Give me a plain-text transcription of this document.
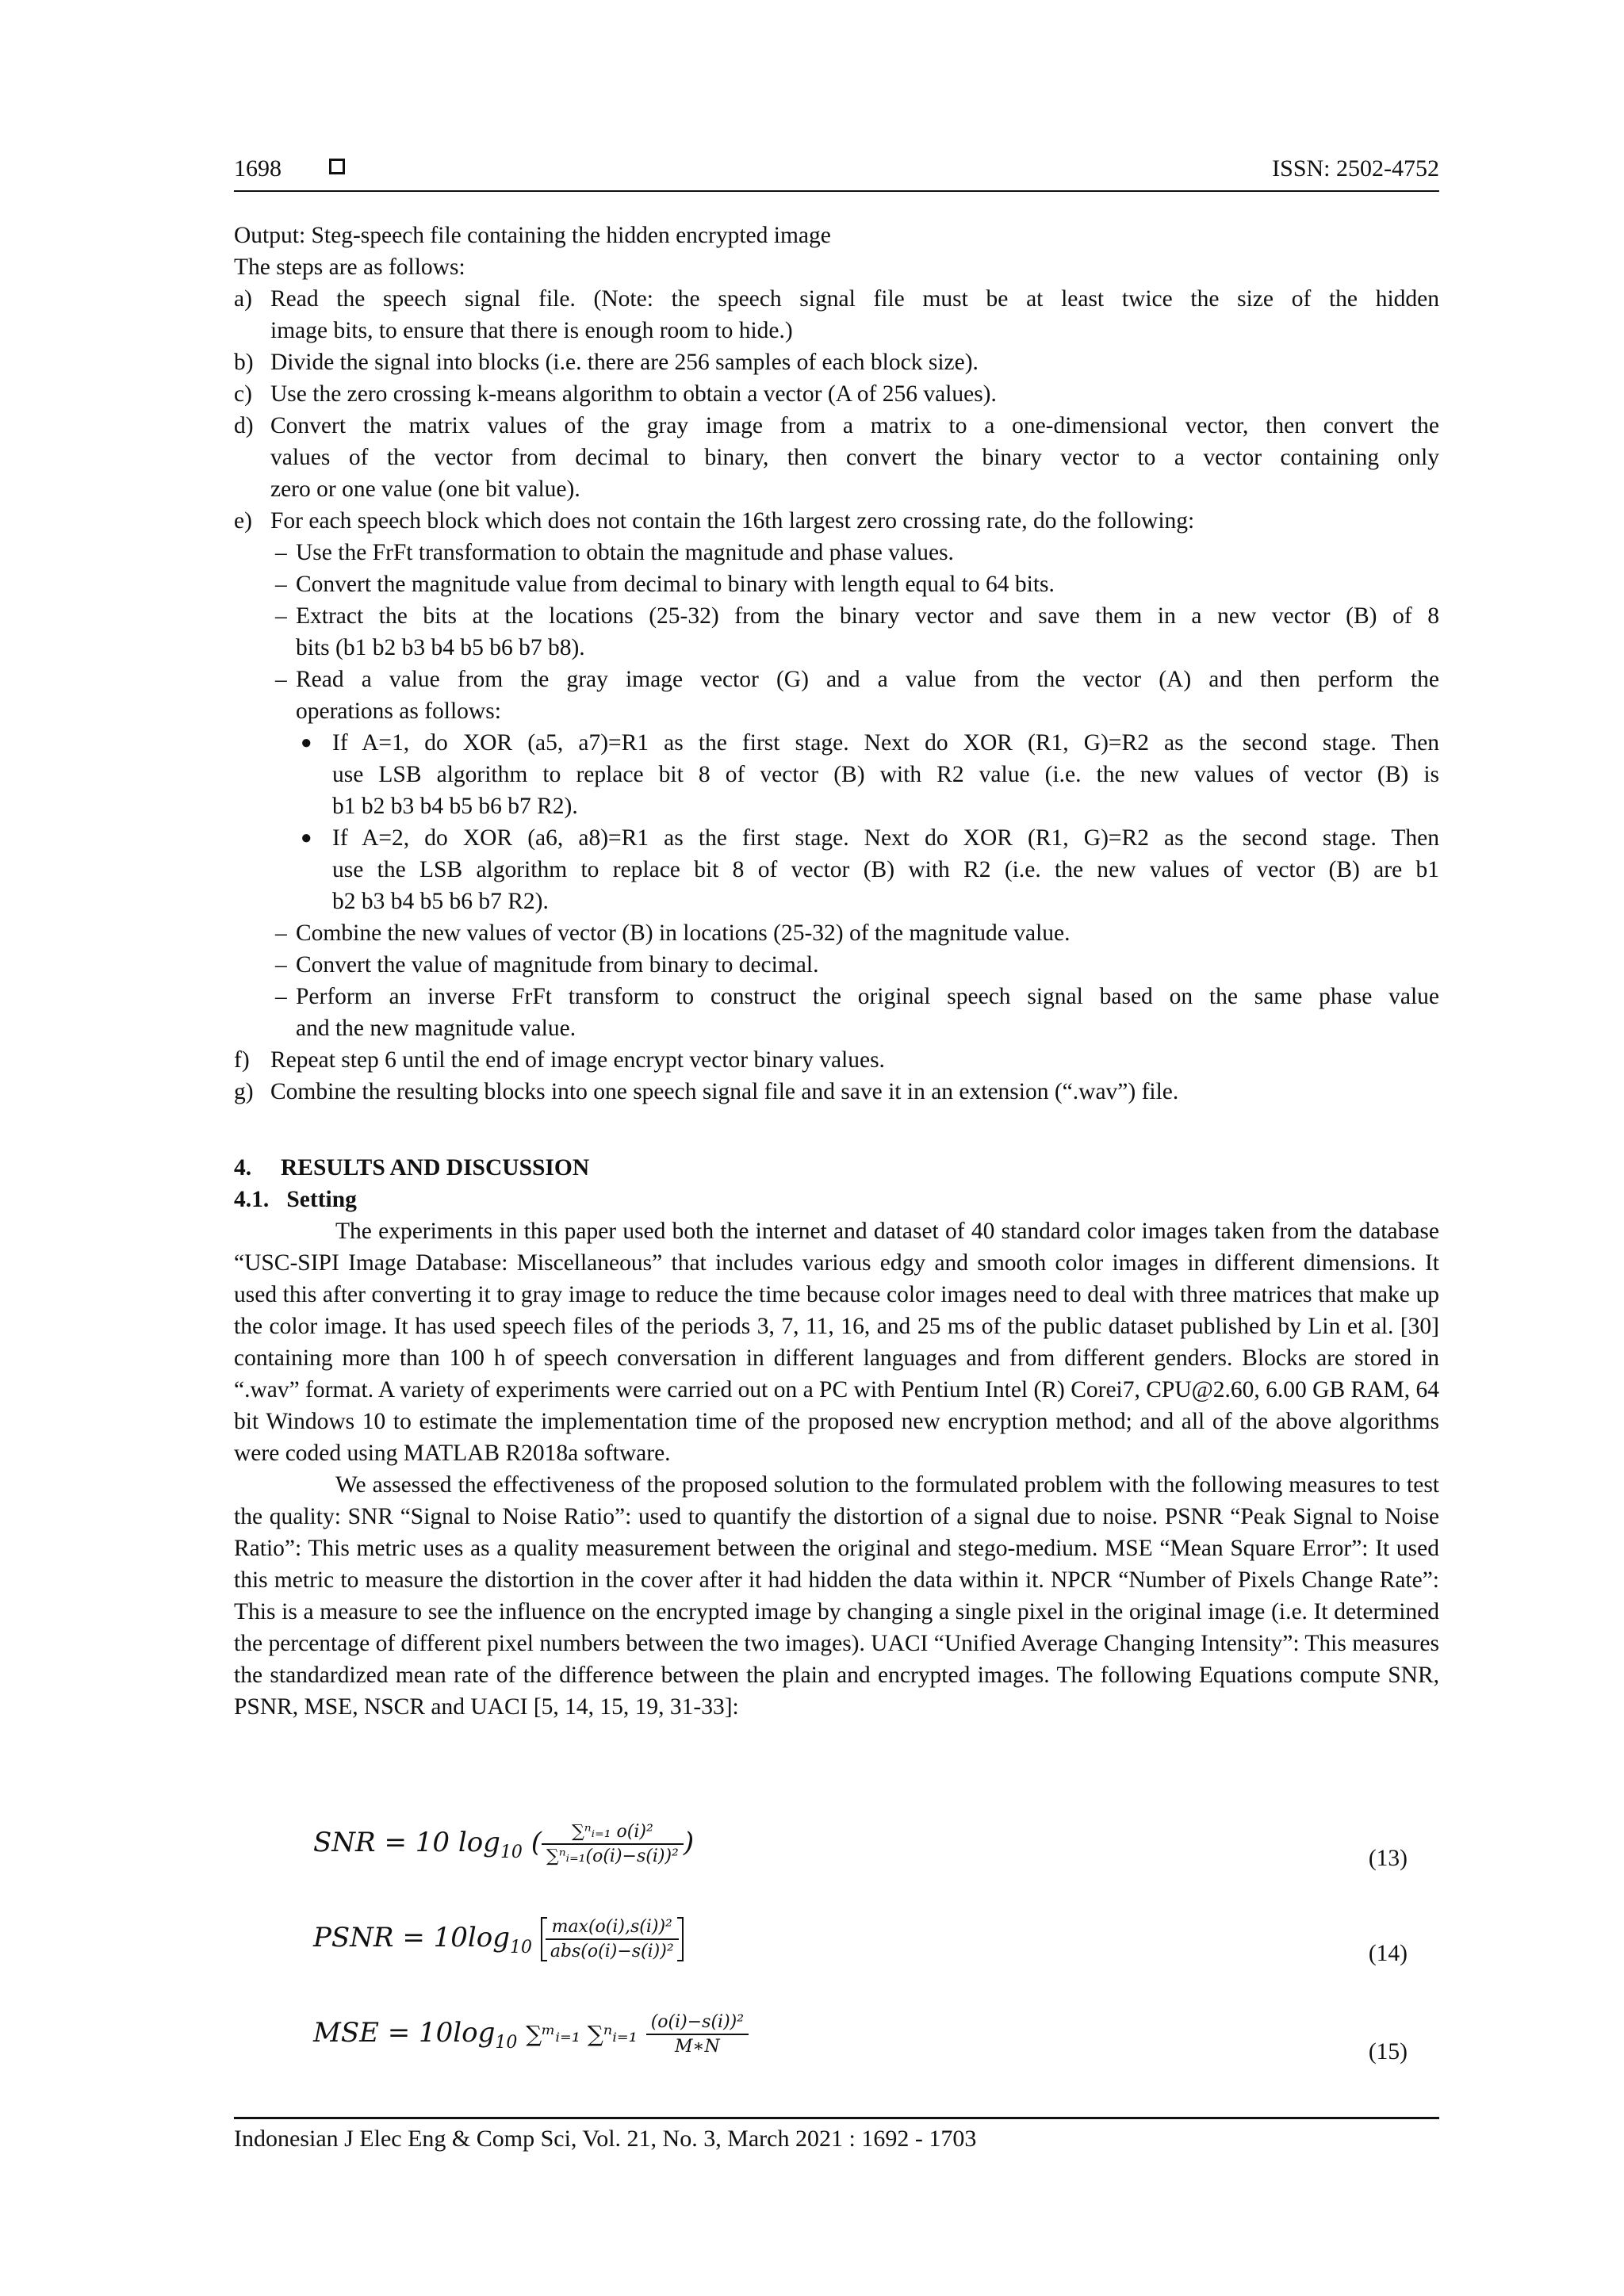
1698	ISSN: 2502-4752
Output: Steg-speech file containing the hidden encrypted image
The steps are as follows:
a) Read the speech signal file. (Note: the speech signal file must be at least twice the size of the hidden
image bits, to ensure that there is enough room to hide.)
b) Divide the signal into blocks (i.e. there are 256 samples of each block size).
c) Use the zero crossing k-means algorithm to obtain a vector (A of 256 values).
d) Convert the matrix values of the gray image from a matrix to a one-dimensional vector, then convert the
values of the vector from decimal to binary, then convert the binary vector to a vector containing only
zero or one value (one bit value).
e) For each speech block which does not contain the 16th largest zero crossing rate, do the following:
– Use the FrFt transformation to obtain the magnitude and phase values.
– Convert the magnitude value from decimal to binary with length equal to 64 bits.
– Extract the bits at the locations (25-32) from the binary vector and save them in a new vector (B) of 8
bits (b1 b2 b3 b4 b5 b6 b7 b8).
– Read a value from the gray image vector (G) and a value from the vector (A) and then perform the
operations as follows:
● If A=1, do XOR (a5, a7)=R1 as the first stage. Next do XOR (R1, G)=R2 as the second stage. Then
use LSB algorithm to replace bit 8 of vector (B) with R2 value (i.e. the new values of vector (B) is
b1 b2 b3 b4 b5 b6 b7 R2).
● If A=2, do XOR (a6, a8)=R1 as the first stage. Next do XOR (R1, G)=R2 as the second stage. Then
use the LSB algorithm to replace bit 8 of vector (B) with R2 (i.e. the new values of vector (B) are b1
b2 b3 b4 b5 b6 b7 R2).
– Combine the new values of vector (B) in locations (25-32) of the magnitude value.
– Convert the value of magnitude from binary to decimal.
– Perform an inverse FrFt transform to construct the original speech signal based on the same phase value
and the new magnitude value.
f) Repeat step 6 until the end of image encrypt vector binary values.
g) Combine the resulting blocks into one speech signal file and save it in an extension (“.wav”) file.
4.     RESULTS AND DISCUSSION
4.1.   Setting
The experiments in this paper used both the internet and dataset of 40 standard color images taken from the database “USC-SIPI Image Database: Miscellaneous” that includes various edgy and smooth color images in different dimensions. It used this after converting it to gray image to reduce the time because color images need to deal with three matrices that make up the color image. It has used speech files of the periods 3, 7, 11, 16, and 25 ms of the public dataset published by Lin et al. [30] containing more than 100 h of speech conversation in different languages and from different genders. Blocks are stored in “.wav” format. A variety of experiments were carried out on a PC with Pentium Intel (R) Corei7, CPU@2.60, 6.00 GB RAM, 64 bit Windows 10 to estimate the implementation time of the proposed new encryption method; and all of the above algorithms were coded using MATLAB R2018a software.
We assessed the effectiveness of the proposed solution to the formulated problem with the following measures to test the quality: SNR “Signal to Noise Ratio”: used to quantify the distortion of a signal due to noise. PSNR “Peak Signal to Noise Ratio”: This metric uses as a quality measurement between the original and stego-medium. MSE “Mean Square Error”: It used this metric to measure the distortion in the cover after it had hidden the data within it. NPCR “Number of Pixels Change Rate”: This is a measure to see the influence on the encrypted image by changing a single pixel in the original image (i.e. It determined the percentage of different pixel numbers between the two images). UACI “Unified Average Changing Intensity”: This measures the standardized mean rate of the difference between the plain and encrypted images. The following Equations compute SNR, PSNR, MSE, NSCR and UACI [5, 14, 15, 19, 31-33]:
SNR = 10 $\log_{10}$ ( $\frac{\text{∑ⁿᵢ₌₁ o(i)²}}{\text{∑ⁿᵢ₌₁(o(i)−s(i))²}}$ )	(13)
PSNR = $10\log_{10} \frac{\text{max(o(i),s(i))²}}{\text{abs(o(i)−s(i))²}}$	(14)
MSE = $10\log_{10}$ ∑ᵐᵢ₌₁ ∑ⁿᵢ₌₁ $\frac{\text{(o(i)−s(i))²}}{M∗N}$	(15)
Indonesian J Elec Eng & Comp Sci, Vol. 21, No. 3, March 2021 : 1692 - 1703
